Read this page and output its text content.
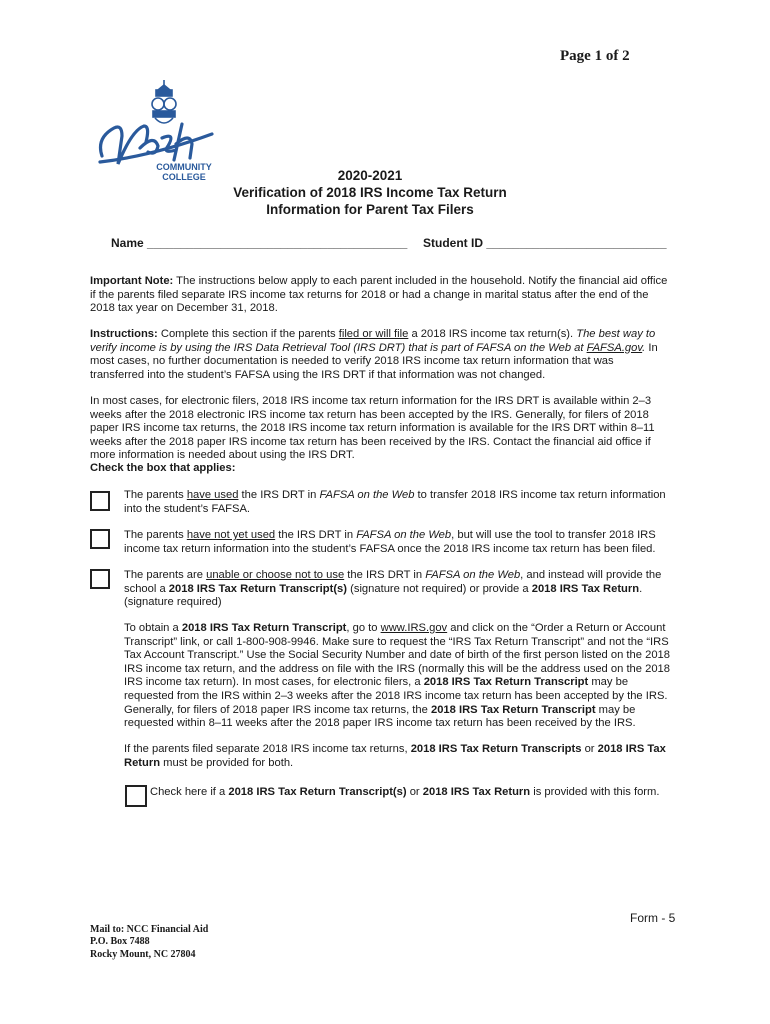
Page 1 of 2
COMMUNITY
COLLEGE	2020-2021
Verification of 2018 IRS Income Tax Return
Information for Parent Tax Filers
Name _______________________________________ Student ID ___________________________

Important Note: The instructions below apply to each parent included in the household. Notify the financial aid office if the parents filed separate IRS income tax returns for 2018 or had a change in marital status after the end of the 2018 tax year on December 31, 2018.

Instructions: Complete this section if the parents filed or will file a 2018 IRS income tax return(s). The best way to verify income is by using the IRS Data Retrieval Tool (IRS DRT) that is part of FAFSA on the Web at FAFSA.gov. In most cases, no further documentation is needed to verify 2018 IRS income tax return information that was transferred into the student’s FAFSA using the IRS DRT if that information was not changed.

In most cases, for electronic filers, 2018 IRS income tax return information for the IRS DRT is available within 2–3 weeks after the 2018 electronic IRS income tax return has been accepted by the IRS. Generally, for filers of 2018 paper IRS income tax returns, the 2018 IRS income tax return information is available for the IRS DRT within 8–11 weeks after the 2018 paper IRS income tax return has been received by the IRS. Contact the financial aid office if more information is needed about using the IRS DRT.

Check the box that applies:

The parents have used the IRS DRT in FAFSA on the Web to transfer 2018 IRS income tax return information into the student’s FAFSA.

The parents have not yet used the IRS DRT in FAFSA on the Web, but will use the tool to transfer 2018 IRS income tax return information into the student’s FAFSA once the 2018 IRS income tax return has been filed.

The parents are unable or choose not to use the IRS DRT in FAFSA on the Web, and instead will provide the school a 2018 IRS Tax Return Transcript(s) (signature not required) or provide a 2018 IRS Tax Return.(signature required)

To obtain a 2018 IRS Tax Return Transcript, go to www.IRS.gov and click on the “Order a Return or Account Transcript” link, or call 1-800-908-9946. Make sure to request the “IRS Tax Return Transcript” and not the “IRS Tax Account Transcript.” Use the Social Security Number and date of birth of the first person listed on the 2018 IRS income tax return, and the address on file with the IRS (normally this will be the address used on the 2018 IRS income tax return). In most cases, for electronic filers, a 2018 IRS Tax Return Transcript may be requested from the IRS within 2–3 weeks after the 2018 IRS income tax return has been accepted by the IRS. Generally, for filers of 2018 paper IRS income tax returns, the 2018 IRS Tax Return Transcript may be requested within 8–11 weeks after the 2018 paper IRS income tax return has been received by the IRS.

If the parents filed separate 2018 IRS income tax returns, 2018 IRS Tax Return Transcripts or 2018 IRS Tax Return must be provided for both.

Check here if a 2018 IRS Tax Return Transcript(s) or 2018 IRS Tax Return is provided with this form.

Form - 5
Mail to: NCC Financial Aid
P.O. Box 7488
Rocky Mount, NC 27804
